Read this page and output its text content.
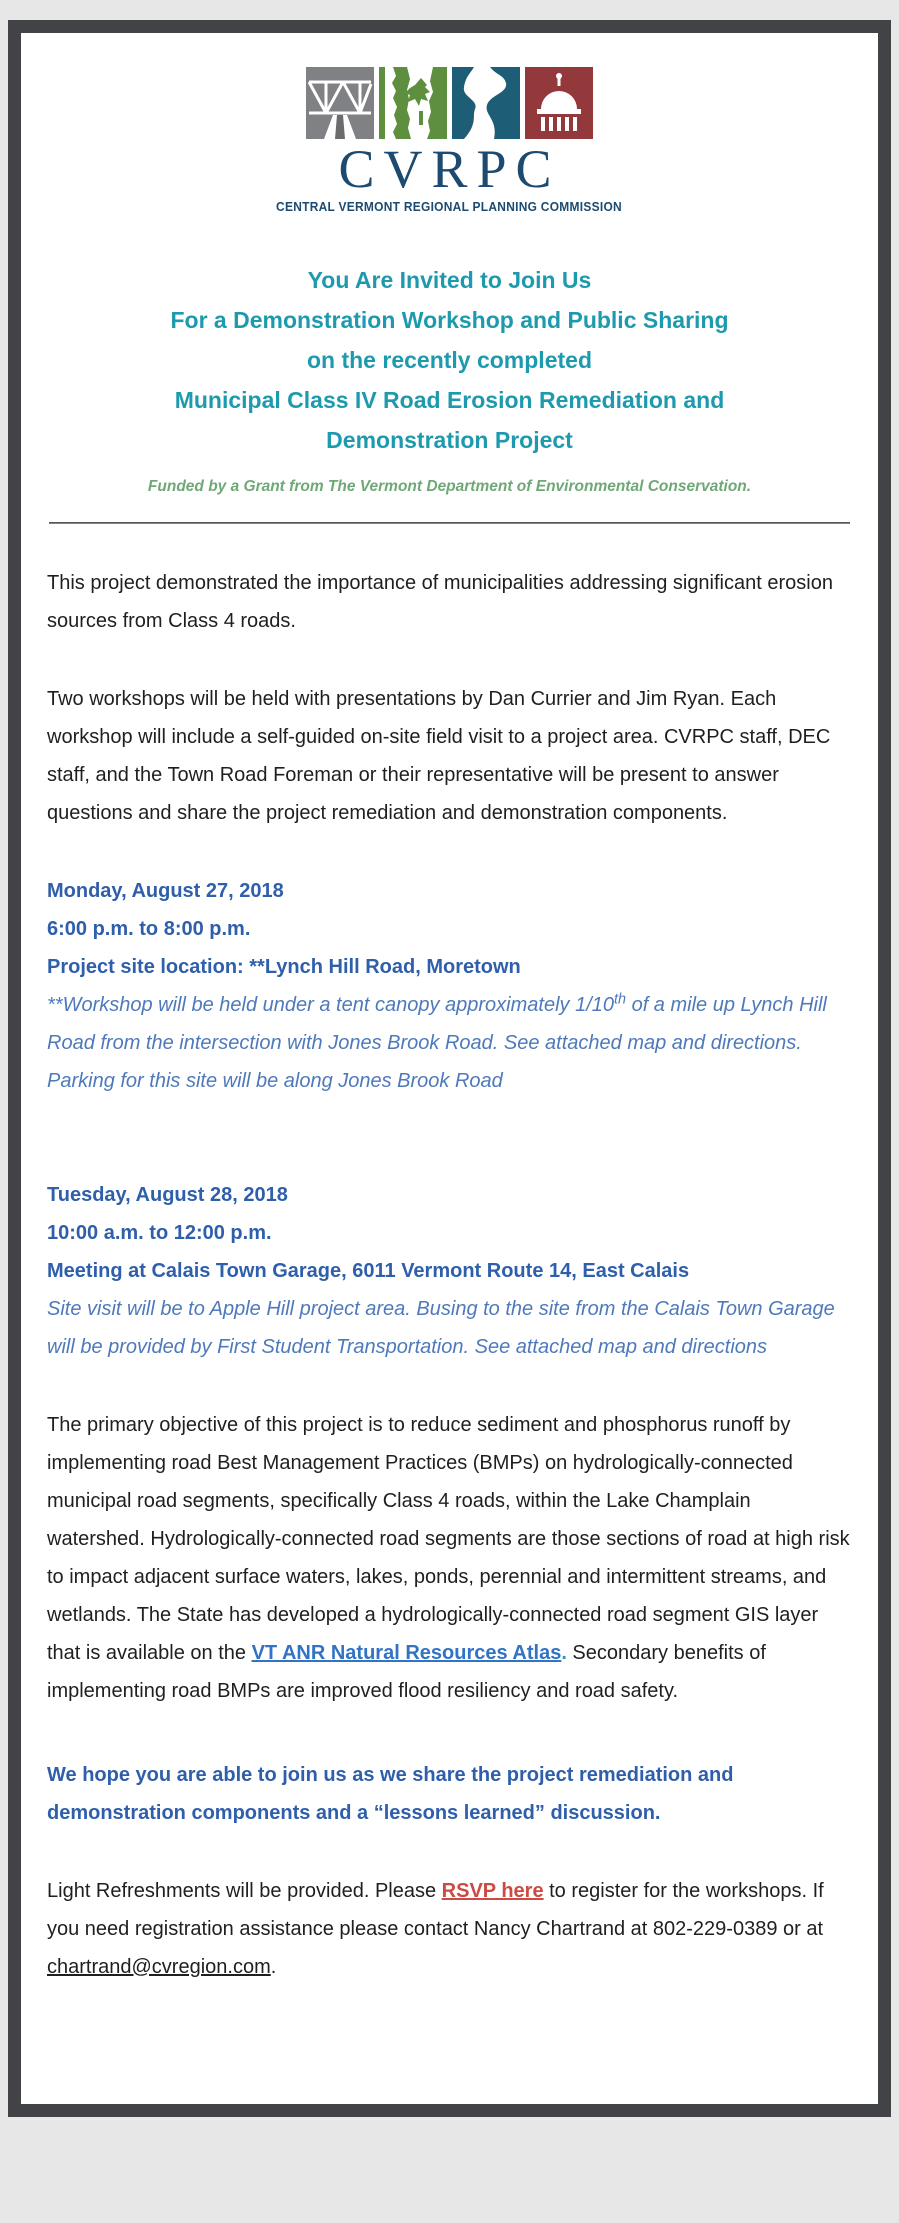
CVRPC
CENTRAL VERMONT REGIONAL PLANNING COMMISSION
You Are Invited to Join Us
For a Demonstration Workshop and Public Sharing
on the recently completed
Municipal Class IV Road Erosion Remediation and
Demonstration Project
Funded by a Grant from The Vermont Department of Environmental Conservation.

This project demonstrated the importance of municipalities addressing significant erosion sources from Class 4 roads.

Two workshops will be held with presentations by Dan Currier and Jim Ryan. Each workshop will include a self-guided on-site field visit to a project area. CVRPC staff, DEC staff, and the Town Road Foreman or their representative will be present to answer questions and share the project remediation and demonstration components.

Monday, August 27, 2018
6:00 p.m. to 8:00 p.m.
Project site location: **Lynch Hill Road, Moretown

**Workshop will be held under a tent canopy approximately 1/10th of a mile up Lynch Hill Road from the intersection with Jones Brook Road. See attached map and directions. Parking for this site will be along Jones Brook Road

Tuesday, August 28, 2018
10:00 a.m. to 12:00 p.m.
Meeting at Calais Town Garage, 6011 Vermont Route 14, East Calais

Site visit will be to Apple Hill project area. Busing to the site from the Calais Town Garage will be provided by First Student Transportation. See attached map and directions

The primary objective of this project is to reduce sediment and phosphorus runoff by implementing road Best Management Practices (BMPs) on hydrologically-connected municipal road segments, specifically Class 4 roads, within the Lake Champlain watershed. Hydrologically-connected road segments are those sections of road at high risk to impact adjacent surface waters, lakes, ponds, perennial and intermittent streams, and wetlands. The State has developed a hydrologically-connected road segment GIS layer that is available on the VT ANR Natural Resources Atlas. Secondary benefits of implementing road BMPs are improved flood resiliency and road safety.

We hope you are able to join us as we share the project remediation and demonstration components and a “lessons learned” discussion.

Light Refreshments will be provided. Please RSVP here to register for the workshops. If you need registration assistance please contact Nancy Chartrand at 802-229-0389 or at chartrand@cvregion.com.
